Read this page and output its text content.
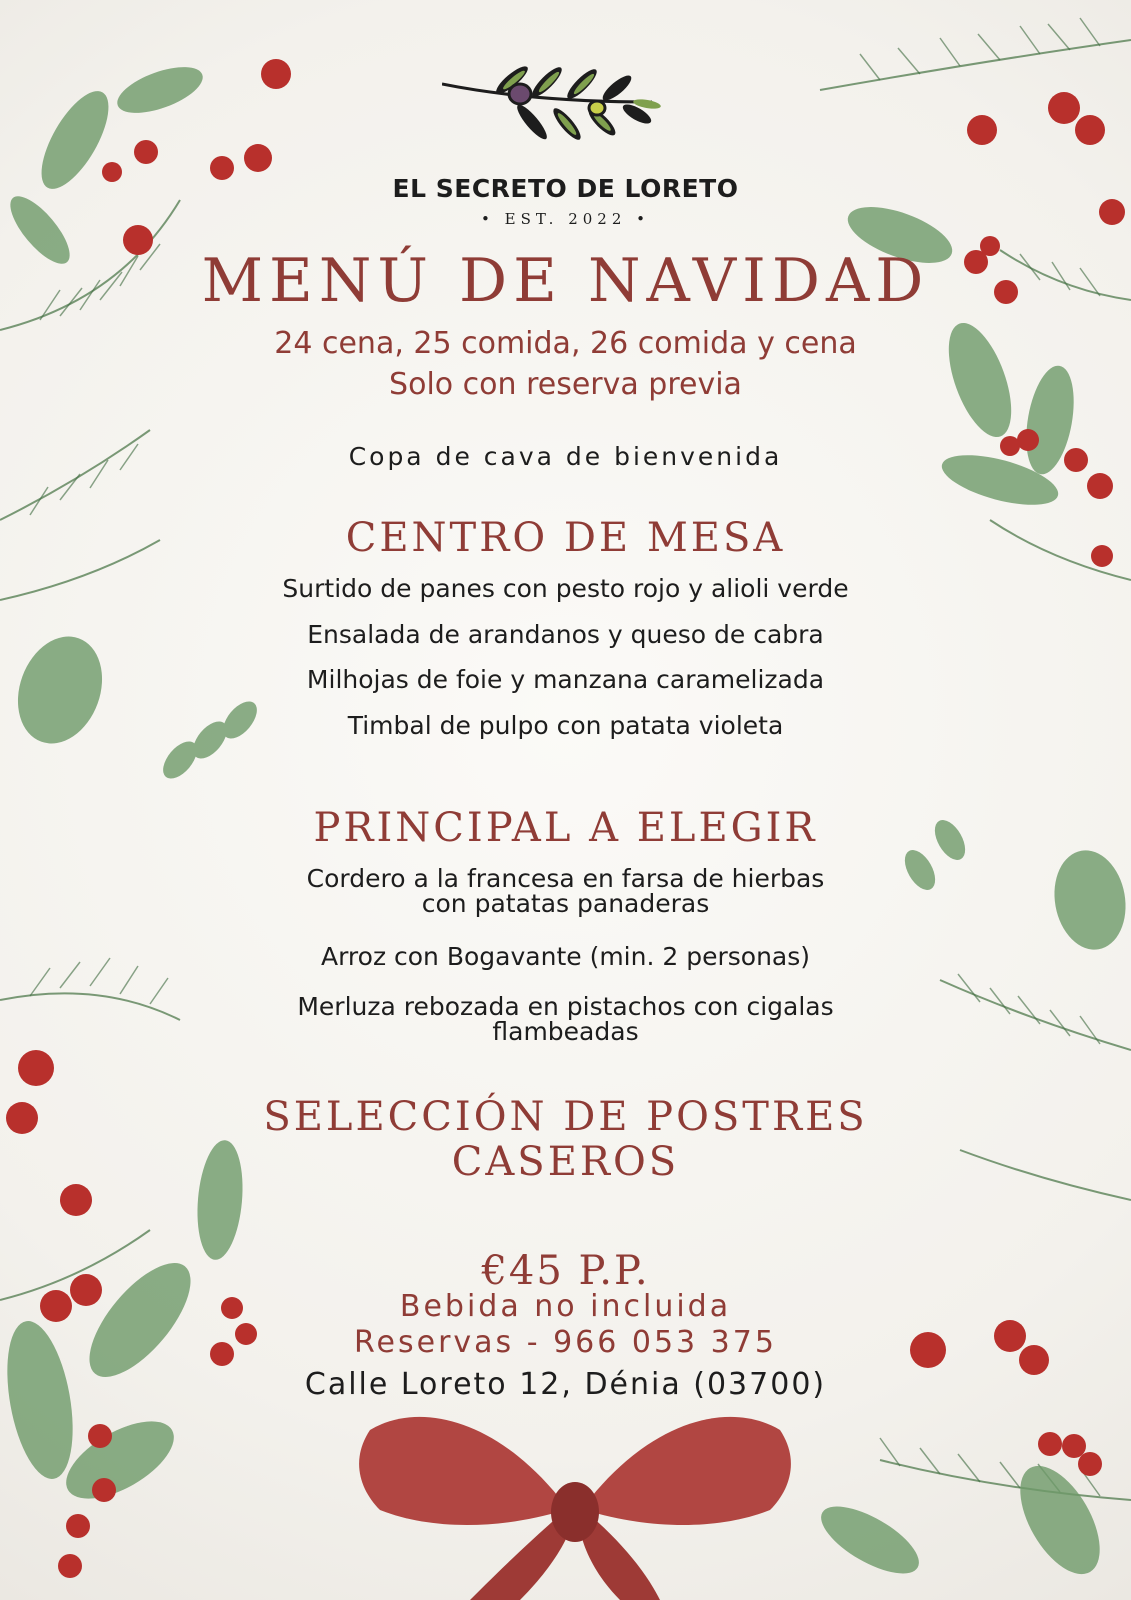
EL SECRETO DE LORETO
• EST. 2022 •
MENÚ DE NAVIDAD
24 cena, 25 comida, 26 comida y cena
Solo con reserva previa
Copa de cava de bienvenida
CENTRO DE MESA
Surtido de panes con pesto rojo y alioli verde
Ensalada de arandanos y queso de cabra
Milhojas de foie y manzana caramelizada
Timbal de pulpo con patata violeta
PRINCIPAL A ELEGIR
Cordero a la francesa en farsa de hierbas
con patatas panaderas
Arroz con Bogavante (min. 2 personas)
Merluza rebozada en pistachos con cigalas
flambeadas
SELECCIÓN DE POSTRES
CASEROS
€45 P.P.
Bebida no incluida
Reservas - 966 053 375
Calle Loreto 12, Dénia (03700)
